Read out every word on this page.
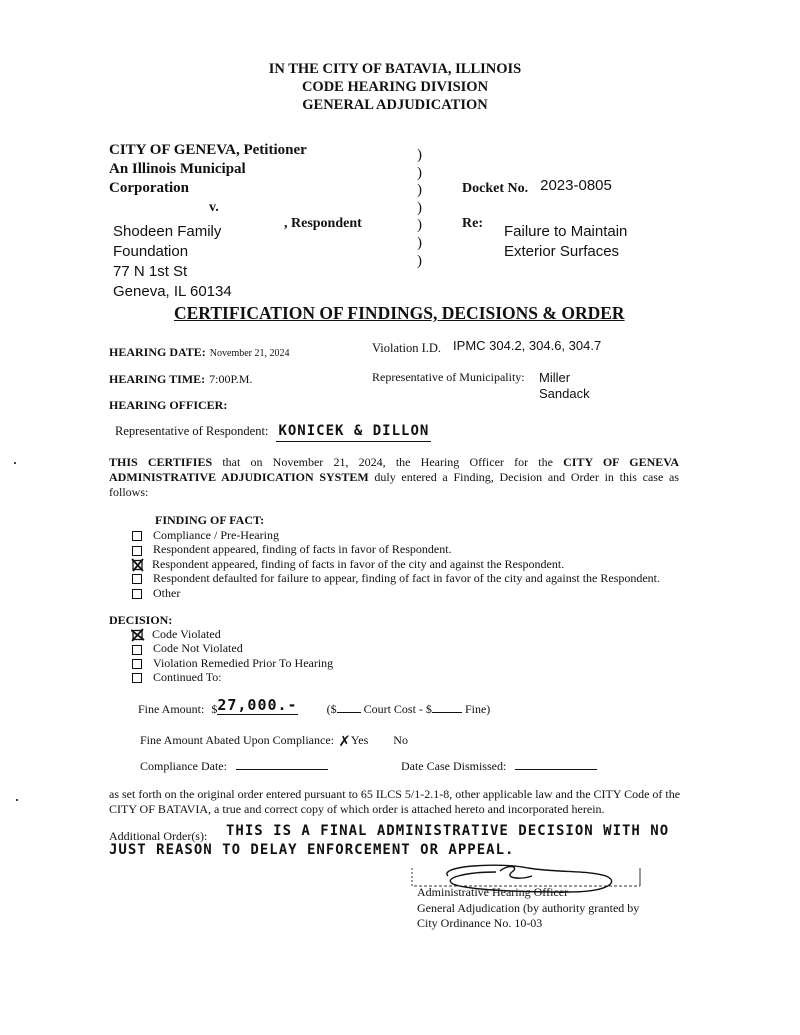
IN THE CITY OF BATAVIA, ILLINOIS
CODE HEARING DIVISION
GENERAL ADJUDICATION
CITY OF GENEVA, Petitioner
An Illinois Municipal
Corporation
v.
Shodeen Family
Foundation
77 N 1st St
Geneva, IL 60134
, Respondent
)
)
)
)
)
)
)
Docket No. 2023-0805
Re: Failure to Maintain
Exterior Surfaces
CERTIFICATION OF FINDINGS, DECISIONS & ORDER
HEARING DATE: November 21, 2024	Violation I.D. IPMC 304.2, 304.6, 304.7
HEARING TIME: 7:00P.M.	Representative of Municipality: Miller
Sandack
HEARING OFFICER:
Representative of Respondent: KONICEK & DILLON
THIS CERTIFIES that on November 21, 2024, the Hearing Officer for the CITY OF GENEVA ADMINISTRATIVE ADJUDICATION SYSTEM duly entered a Finding, Decision and Order in this case as follows:
FINDING OF FACT:
Compliance / Pre-Hearing
Respondent appeared, finding of facts in favor of Respondent.
Respondent appeared, finding of facts in favor of the city and against the Respondent.
Respondent defaulted for failure to appear, finding of fact in favor of the city and against the Respondent.
Other
DECISION:
Code Violated
Code Not Violated
Violation Remedied Prior To Hearing
Continued To:
Fine Amount: $27,000.- ($ Court Cost - $	Fine)
Fine Amount Abated Upon Compliance: ✗Yes No
Compliance Date:	Date Case Dismissed:
as set forth on the original order entered pursuant to 65 ILCS 5/1-2.1-8, other applicable law and the CITY Code of the CITY OF BATAVIA, a true and correct copy of which order is attached hereto and incorporated herein.
Additional Order(s): THIS IS A FINAL ADMINISTRATIVE DECISION WITH NO
JUST REASON TO DELAY ENFORCEMENT OR APPEAL.
Administrative Hearing Officer
General Adjudication (by authority granted by
City Ordinance No. 10-03
